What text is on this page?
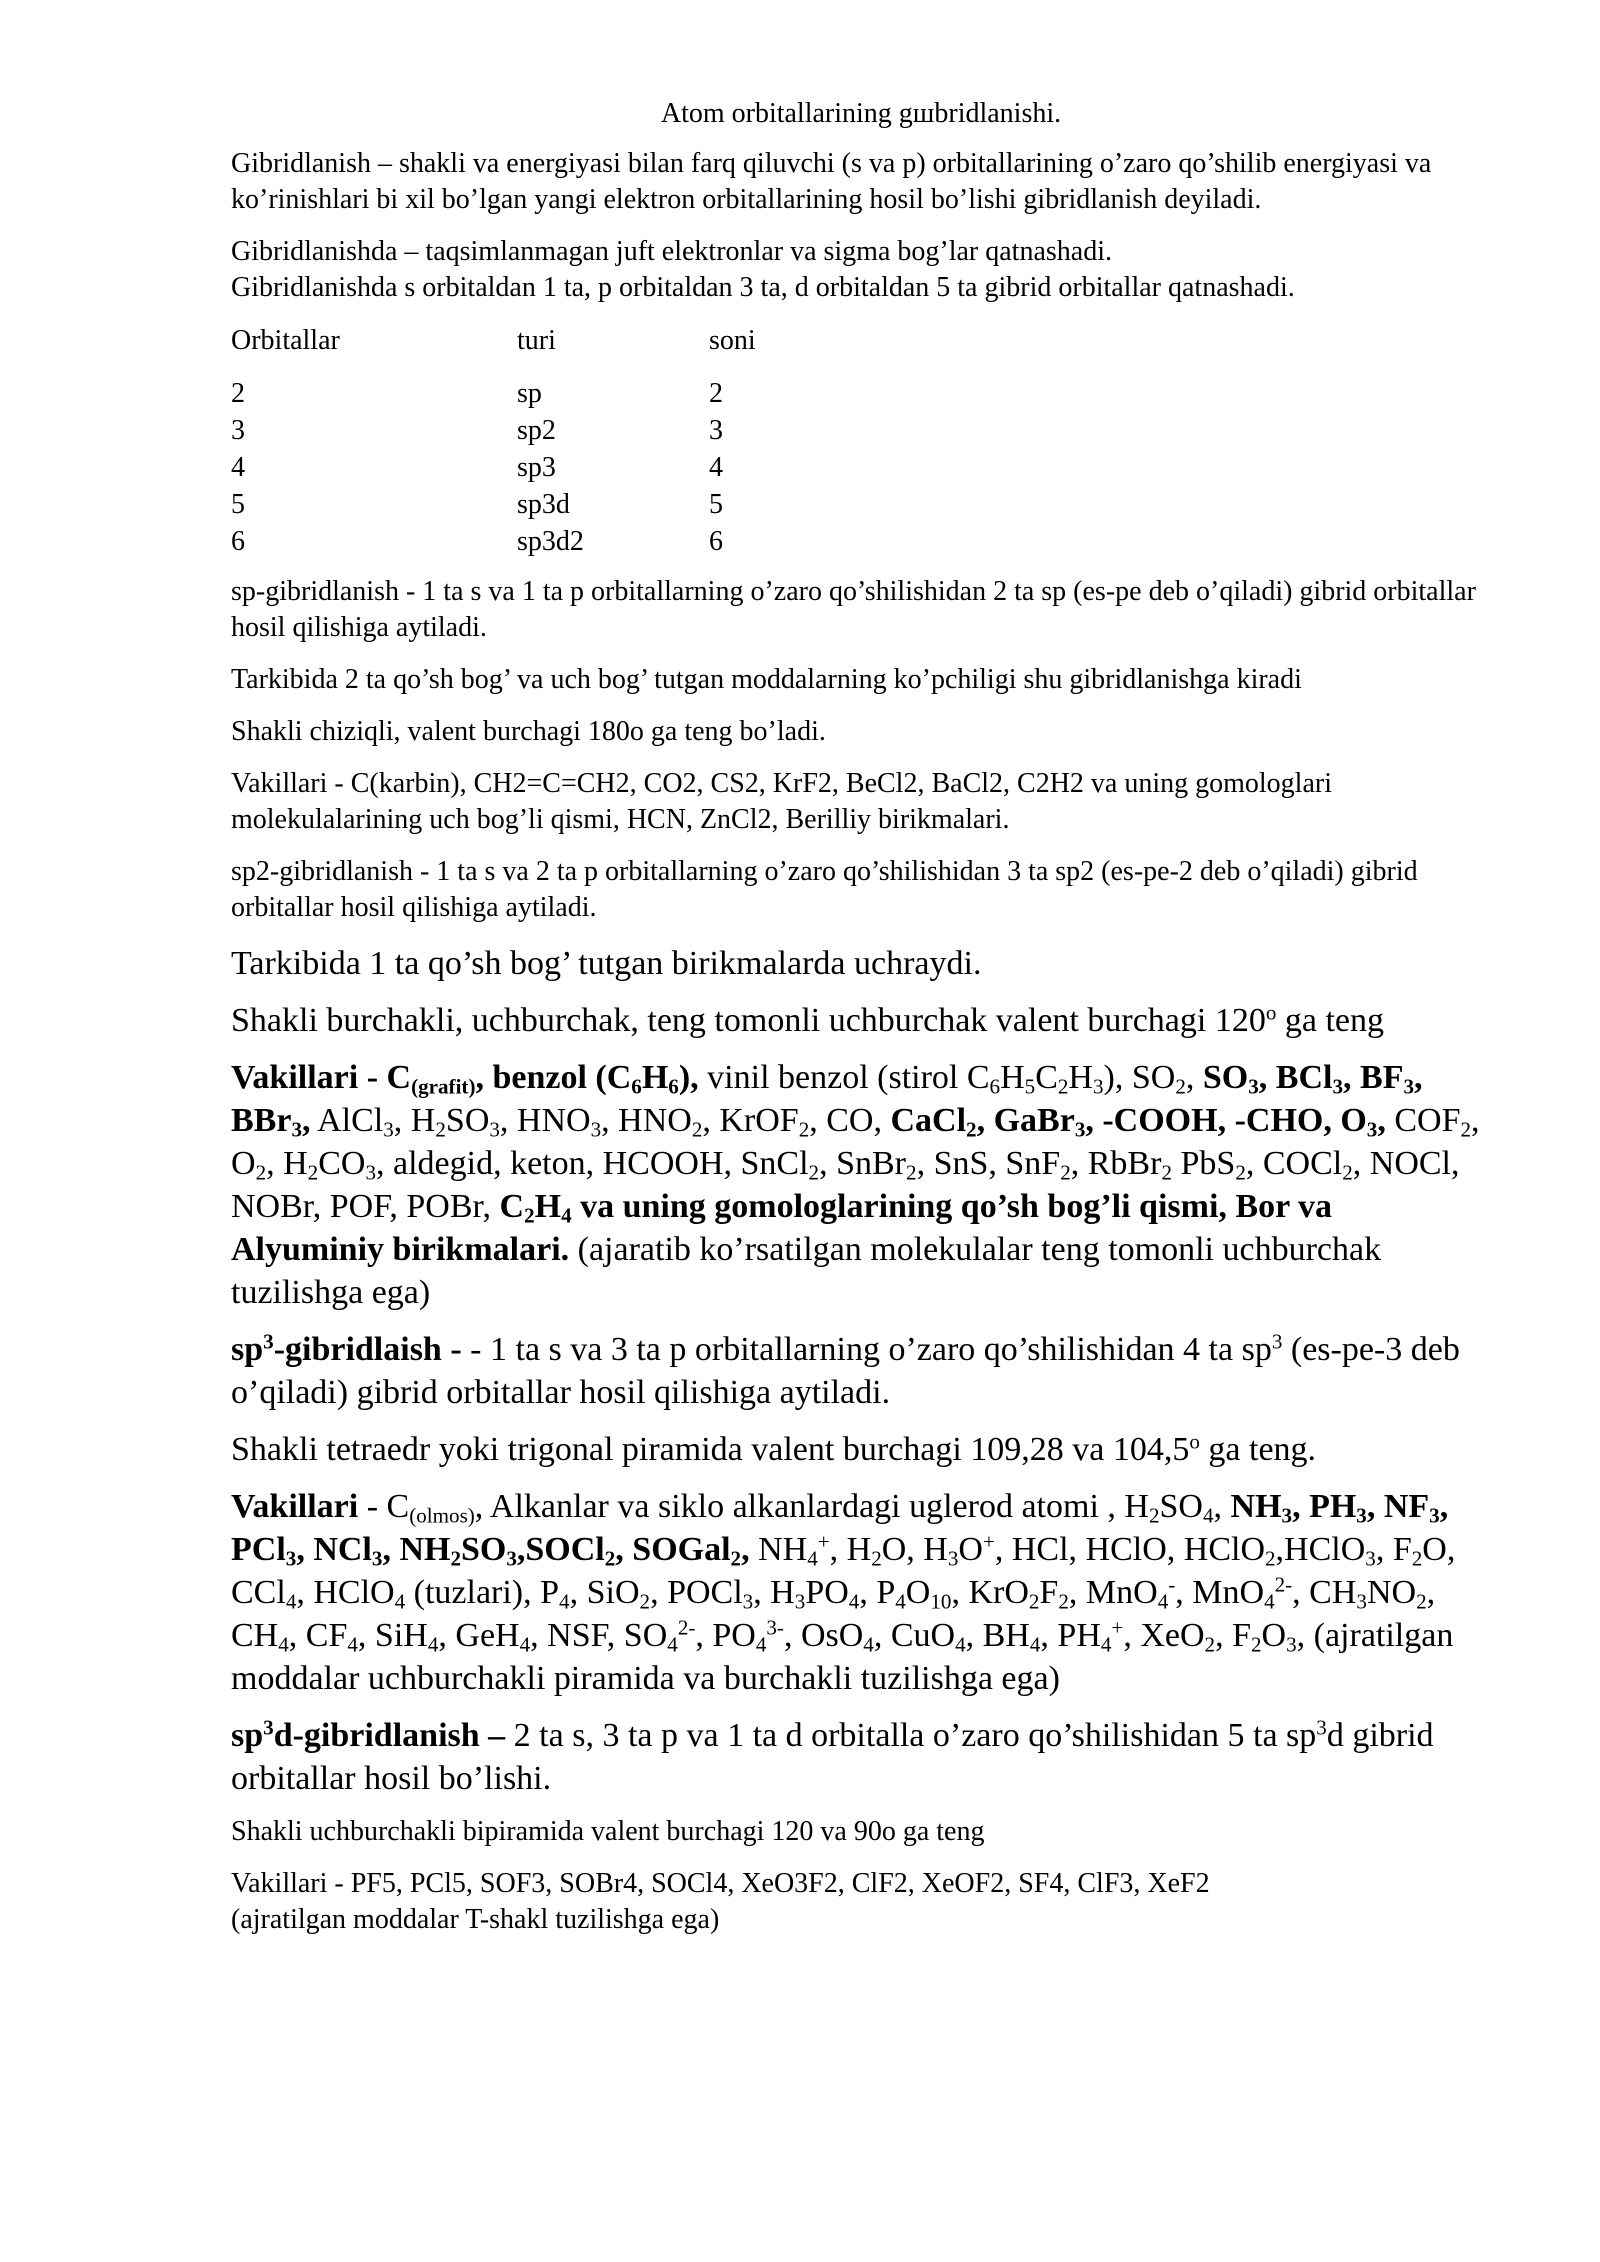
Atom orbitallarining gшbridlanishi.

Gibridlanish – shakli va energiyasi bilan farq qiluvchi (s va p) orbitallarining o’zaro qo’shilib energiyasi va ko’rinishlari bi xil bo’lgan yangi elektron orbitallarining hosil bo’lishi gibridlanish deyiladi.

Gibridlanishda – taqsimlanmagan juft elektronlar va sigma bog’lar qatnashadi.
Gibridlanishda s orbitaldan 1 ta, p orbitaldan 3 ta, d orbitaldan 5 ta gibrid orbitallar qatnashadi.

Orbitallar	turi	soni
2	sp	2
3	sp2	3
4	sp3	4
5	sp3d	5
6	sp3d2	6

sp-gibridlanish - 1 ta s va 1 ta p orbitallarning o’zaro qo’shilishidan 2 ta sp (es-pe deb o’qiladi) gibrid orbitallar hosil qilishiga aytiladi.

Tarkibida 2 ta qo’sh bog’ va uch bog’ tutgan moddalarning ko’pchiligi shu gibridlanishga kiradi

Shakli chiziqli, valent burchagi 180o ga teng bo’ladi.

Vakillari - C(karbin), CH2=C=CH2, CO2, CS2, KrF2, BeCl2, BaCl2, C2H2 va uning gomologlari molekulalarining uch bog’li qismi, HCN, ZnCl2, Berilliy birikmalari.

sp2-gibridlanish - 1 ta s va 2 ta p orbitallarning o’zaro qo’shilishidan 3 ta sp2 (es-pe-2 deb o’qiladi) gibrid orbitallar hosil qilishiga aytiladi.

Tarkibida 1 ta qo’sh bog’ tutgan birikmalarda uchraydi.

Shakli burchakli, uchburchak, teng tomonli uchburchak valent burchagi 120$^o$ ga teng

Vakillari - $C_{(grafit)}$, benzol $(C_6H_6)$, vinil benzol (stirol $C_6H_5C_2H_3$), $SO_2$, $SO_3$, BCl$_3$, $BF_3$, BBr$_3$, AlCl$_3$, $H_2SO_3$, $HNO_3$, $HNO_2$, KrOF$_2$, CO, CaCl$_2$, GaBr$_3$, -COOH, -CHO, $O_3$, $COF_2$, $O_2$, $H_2CO_3$, aldegid, keton, HCOOH, SnCl$_2$, SnBr$_2$, SnS, SnF$_2$, RbBr$_2$ PbS$_2$, COCl$_2$, NOCl, NOBr, POF, POBr, $C_2H_4$ va uning gomologlarining qo’sh bog’li qismi, Bor va Alyuminiy birikmalari. (ajaratib ko’rsatilgan molekulalar teng tomonli uchburchak tuzilishga ega)

$sp^3$-gibridlaish - - 1 ta s va 3 ta p orbitallarning o’zaro qo’shilishidan 4 ta $sp^3$ (es-pe-3 deb o’qiladi) gibrid orbitallar hosil qilishiga aytiladi.

Shakli tetraedr yoki trigonal piramida valent burchagi 109,28 va 104,5$^o$ ga teng.

Vakillari - $C_{(olmos)}$, Alkanlar va siklo alkanlardagi uglerod atomi , $H_2SO_4$, $NH_3$, $PH_3$, $NF_3$, PCl$_3$, NCl$_3$, $NH_2SO_3,SOCl_2$, SOGal$_2$, $NH_4^+$, $H_2O$, $H_3O^+$, HCl, HClO, HClO$_2$,HClO$_3$, $F_2O$, CCl$_4$, HClO$_4$ (tuzlari), $P_4$, SiO$_2$, POCl$_3$, $H_3PO_4$, $P_4O_{10}$, $KrO_2F_2$, MnO$_4$-, MnO$_4^{2-}$, $CH_3NO_2$, $CH_4$, $CF_4$, SiH$_4$, GeH$_4$, NSF, $SO_4^{2-}$, $PO_4^{3-}$, OsO$_4$, CuO$_4$, $BH_4$, $PH_4^+$, XeO$_2$, $F_2O_3$, (ajratilgan moddalar uchburchakli piramida va burchakli tuzilishga ega)

$sp^3d$-gibridlanish – 2 ta s, 3 ta p va 1 ta d orbitalla o’zaro qo’shilishidan 5 ta $sp^3d$ gibrid orbitallar hosil bo’lishi.

Shakli uchburchakli bipiramida valent burchagi 120 va 90o ga teng

Vakillari - PF5, PCl5, SOF3, SOBr4, SOCl4, XeO3F2, ClF2, XeOF2, SF4, ClF3, XeF2
(ajratilgan moddalar T-shakl tuzilishga ega)
